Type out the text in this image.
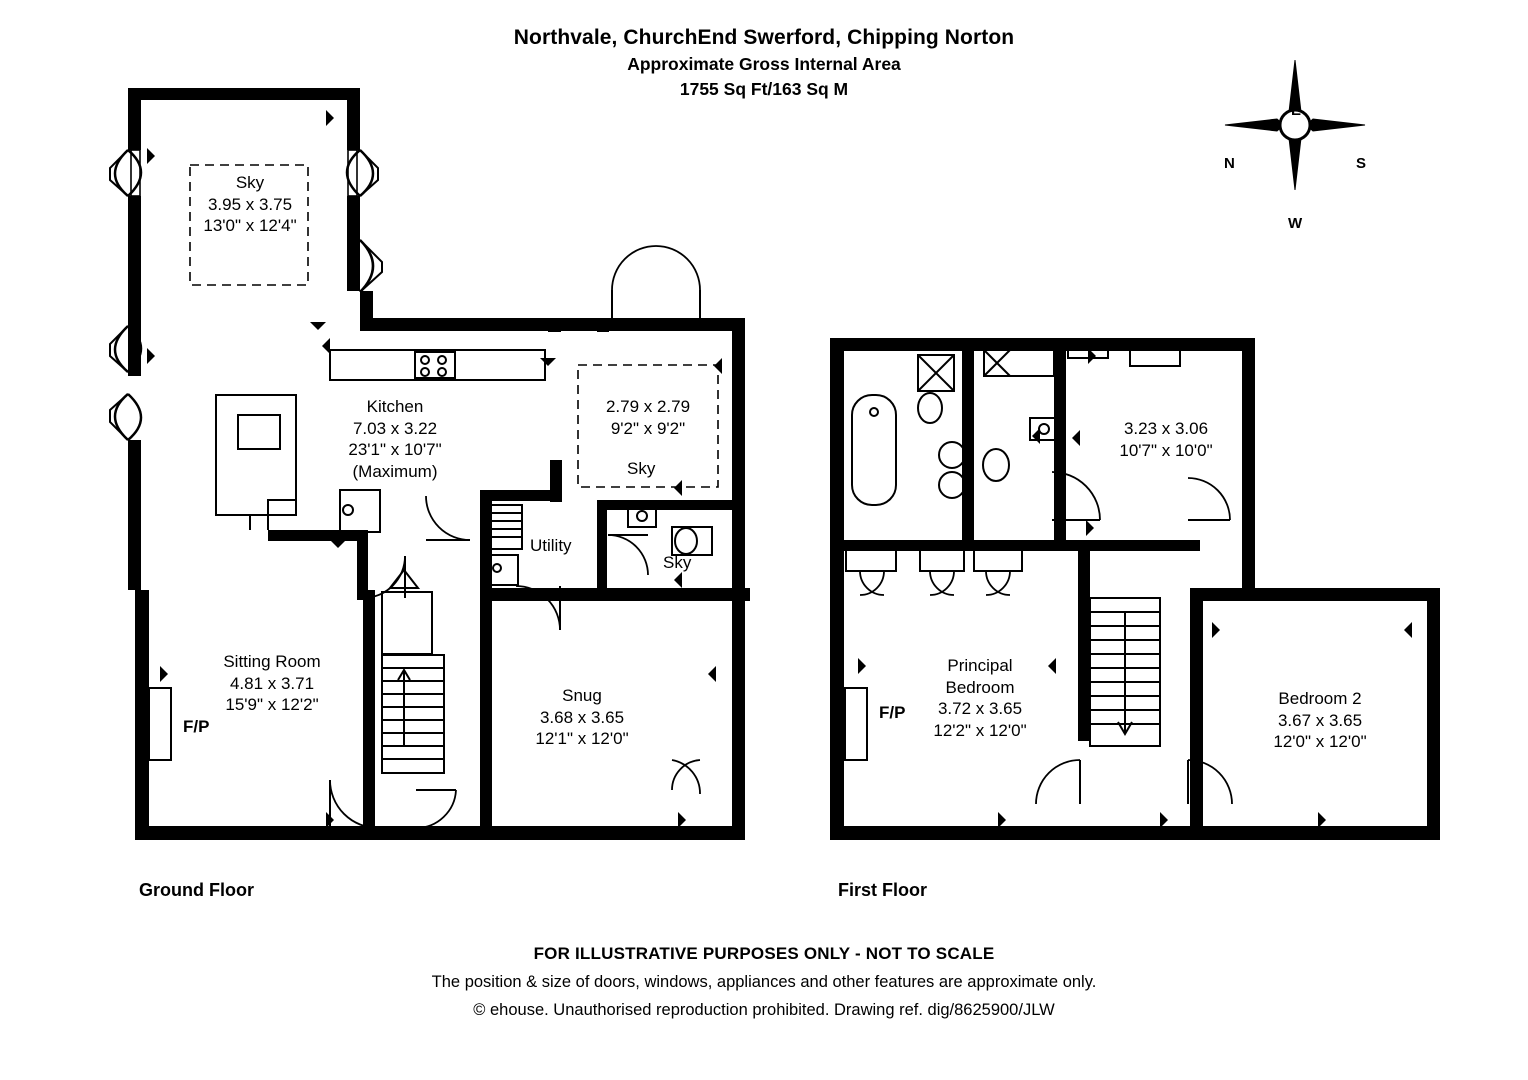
Northvale, ChurchEnd Swerford, Chipping Norton
Approximate Gross Internal Area
1755 Sq Ft/163 Sq M
N
E
S
W
Sky
3.95 x 3.75
13'0" x 12'4"
Kitchen
7.03 x 3.22
23'1" x 10'7"
(Maximum)
2.79 x 2.79
9'2" x 9'2"
Sky
Utility
Sky
Sitting Room
4.81 x 3.71
15'9" x 12'2"
F/P
Snug
3.68 x 3.65
12'1" x 12'0"
3.23 x 3.06
10'7" x 10'0"
Principal
Bedroom
3.72 x 3.65
12'2" x 12'0"
F/P
Bedroom 2
3.67 x 3.65
12'0" x 12'0"
Ground Floor	First Floor
FOR ILLUSTRATIVE PURPOSES ONLY - NOT TO SCALE
The position & size of doors, windows, appliances and other features are approximate only.
© ehouse. Unauthorised reproduction prohibited. Drawing ref. dig/8625900/JLW
